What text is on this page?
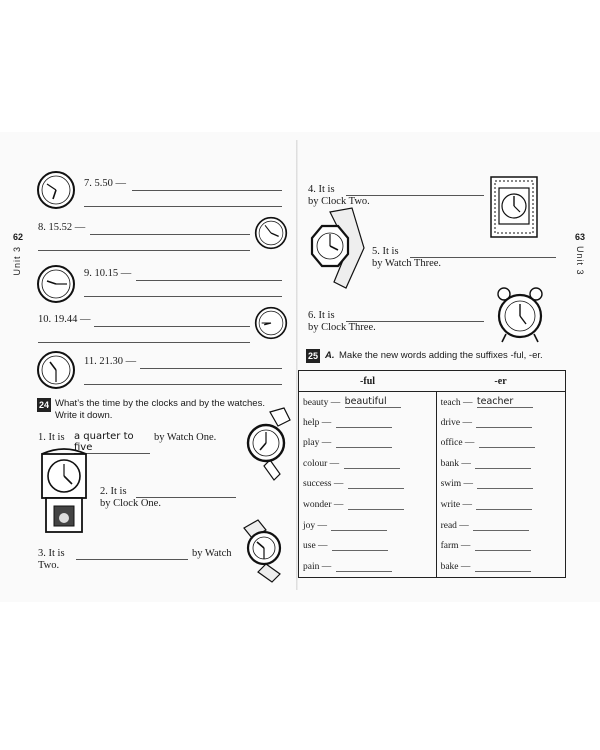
62
Unit 3
63
Unit 3
7. 5.50 —
8. 15.52 —
9. 10.15 —
10. 19.44 —
11. 21.30 —
24 What’s the time by the clocks and by the watches.
Write it down.
1. It is a quarter to five
by Watch One.
2. It is
by Clock One.
3. It is	by Watch
Two.
4. It is
by Clock Two.
5. It is
by Watch Three.
6. It is
by Clock Three.
25 A. Make the new words adding the suffixes -ful, -er.
-ful	-er
beauty — beautiful	teach — teacher
help —	drive —
play —	office —
colour —	bank —
success —	swim —
wonder —	write —
joy —	read —
use —	farm —
pain —	bake —
